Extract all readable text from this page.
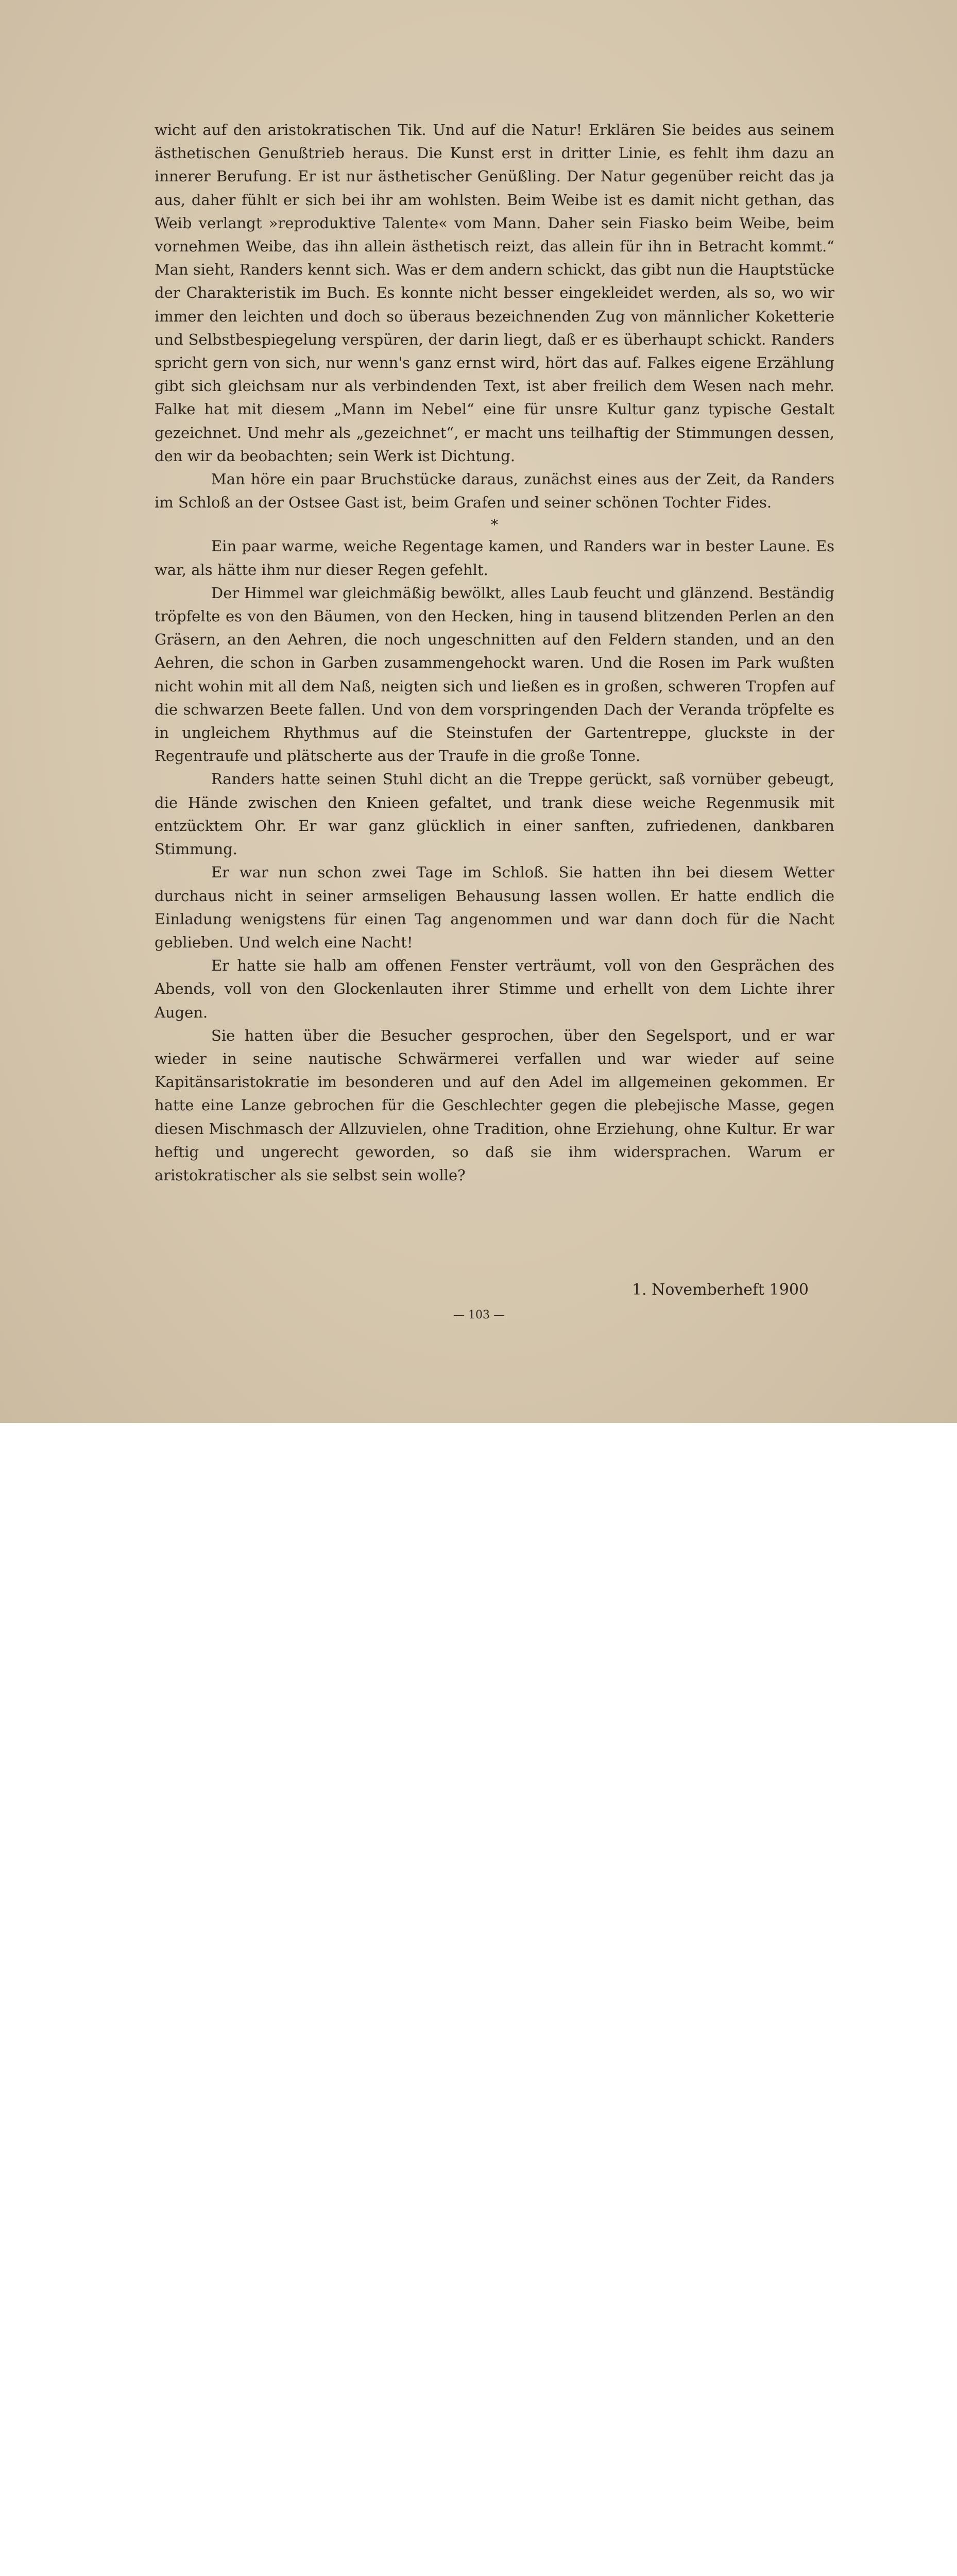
wicht auf den aristokratischen Tik. Und auf die Natur! Erklären Sie beides aus seinem ästhetischen Genußtrieb heraus. Die Kunst erst in dritter Linie, es fehlt ihm dazu an innerer Berufung. Er ist nur ästhetischer Genüßling. Der Natur gegenüber reicht das ja aus, daher fühlt er sich bei ihr am wohlsten. Beim Weibe ist es damit nicht gethan, das Weib verlangt »reproduktive Talente« vom Mann. Daher sein Fiasko beim Weibe, beim vornehmen Weibe, das ihn allein ästhetisch reizt, das allein für ihn in Betracht kommt.“ Man sieht, Randers kennt sich. Was er dem andern schickt, das gibt nun die Hauptstücke der Charakteristik im Buch. Es konnte nicht besser eingekleidet werden, als so, wo wir immer den leichten und doch so überaus bezeichnenden Zug von männlicher Koketterie und Selbstbespiegelung verspüren, der darin liegt, daß er es überhaupt schickt. Randers spricht gern von sich, nur wenn's ganz ernst wird, hört das auf. Falkes eigene Erzählung gibt sich gleichsam nur als verbindenden Text, ist aber freilich dem Wesen nach mehr. Falke hat mit diesem „Mann im Nebel“ eine für unsre Kultur ganz typische Gestalt gezeichnet. Und mehr als „gezeichnet“, er macht uns teilhaftig der Stimmungen dessen, den wir da beobachten; sein Werk ist Dichtung.

Man höre ein paar Bruchstücke daraus, zunächst eines aus der Zeit, da Randers im Schloß an der Ostsee Gast ist, beim Grafen und seiner schönen Tochter Fides.

*

Ein paar warme, weiche Regentage kamen, und Randers war in bester Laune. Es war, als hätte ihm nur dieser Regen gefehlt.

Der Himmel war gleichmäßig bewölkt, alles Laub feucht und glänzend. Beständig tröpfelte es von den Bäumen, von den Hecken, hing in tausend blitzenden Perlen an den Gräsern, an den Aehren, die noch ungeschnitten auf den Feldern standen, und an den Aehren, die schon in Garben zusammengehockt waren. Und die Rosen im Park wußten nicht wohin mit all dem Naß, neigten sich und ließen es in großen, schweren Tropfen auf die schwarzen Beete fallen. Und von dem vorspringenden Dach der Veranda tröpfelte es in ungleichem Rhythmus auf die Steinstufen der Gartentreppe, gluckste in der Regentraufe und plätscherte aus der Traufe in die große Tonne.

Randers hatte seinen Stuhl dicht an die Treppe gerückt, saß vornüber gebeugt, die Hände zwischen den Knieen gefaltet, und trank diese weiche Regenmusik mit entzücktem Ohr. Er war ganz glücklich in einer sanften, zufriedenen, dankbaren Stimmung.

Er war nun schon zwei Tage im Schloß. Sie hatten ihn bei diesem Wetter durchaus nicht in seiner armseligen Behausung lassen wollen. Er hatte endlich die Einladung wenigstens für einen Tag angenommen und war dann doch für die Nacht geblieben. Und welch eine Nacht!

Er hatte sie halb am offenen Fenster verträumt, voll von den Gesprächen des Abends, voll von den Glockenlauten ihrer Stimme und erhellt von dem Lichte ihrer Augen.

Sie hatten über die Besucher gesprochen, über den Segelsport, und er war wieder in seine nautische Schwärmerei verfallen und war wieder auf seine Kapitänsaristokratie im besonderen und auf den Adel im allgemeinen gekommen. Er hatte eine Lanze gebrochen für die Geschlechter gegen die plebejische Masse, gegen diesen Mischmasch der Allzuvielen, ohne Tradition, ohne Erziehung, ohne Kultur. Er war heftig und ungerecht geworden, so daß sie ihm widersprachen. Warum er aristokratischer als sie selbst sein wolle?

1. Novemberheft 1900
— 103 —
